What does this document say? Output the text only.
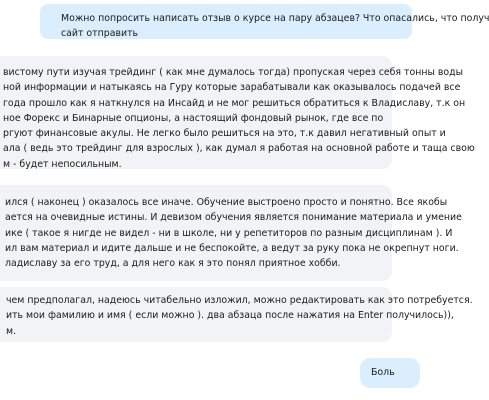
Можно попросить написать отзыв о курсе на пару абзацев? Что опасались, что получ
сайт отправить
вистому пути изучая трейдинг ( как мне думалось тогда) пропуская через себя тонны воды
ной информации и натыкаясь на Гуру которые зарабатывали как оказывалось подачей все
года прошло как я наткнулся на Инсайд и не мог решиться обратиться к Владиславу, т.к он
ное Форекс и Бинарные опционы, а настоящий фондовый рынок, где все по
ргуют финансовые акулы. Не легко было решиться на это, т.к давил негативный опыт и
ала ( ведь это трейдинг для взрослых ), как думал я работая на основной работе и таща свою
м - будет непосильным.
ился ( наконец ) оказалось все иначе. Обучение выстроено просто и понятно. Все якобы
ается на очевидные истины. И девизом обучения является понимание материала и умение
ике ( такое я нигде не видел - ни в школе, ни у репетиторов по разным дисциплинам ). И
ил вам материал и идите дальше и не беспокойте, а ведут за руку пока не окрепнут ноги.
ладиславу за его труд, а для него как я это понял приятное хобби.
чем предполагал, надеюсь читабельно изложил, можно редактировать как это потребуется.
ить мои фамилию и имя ( если можно ). два абзаца после нажатия на Enter получилось)),
м.
Боль
